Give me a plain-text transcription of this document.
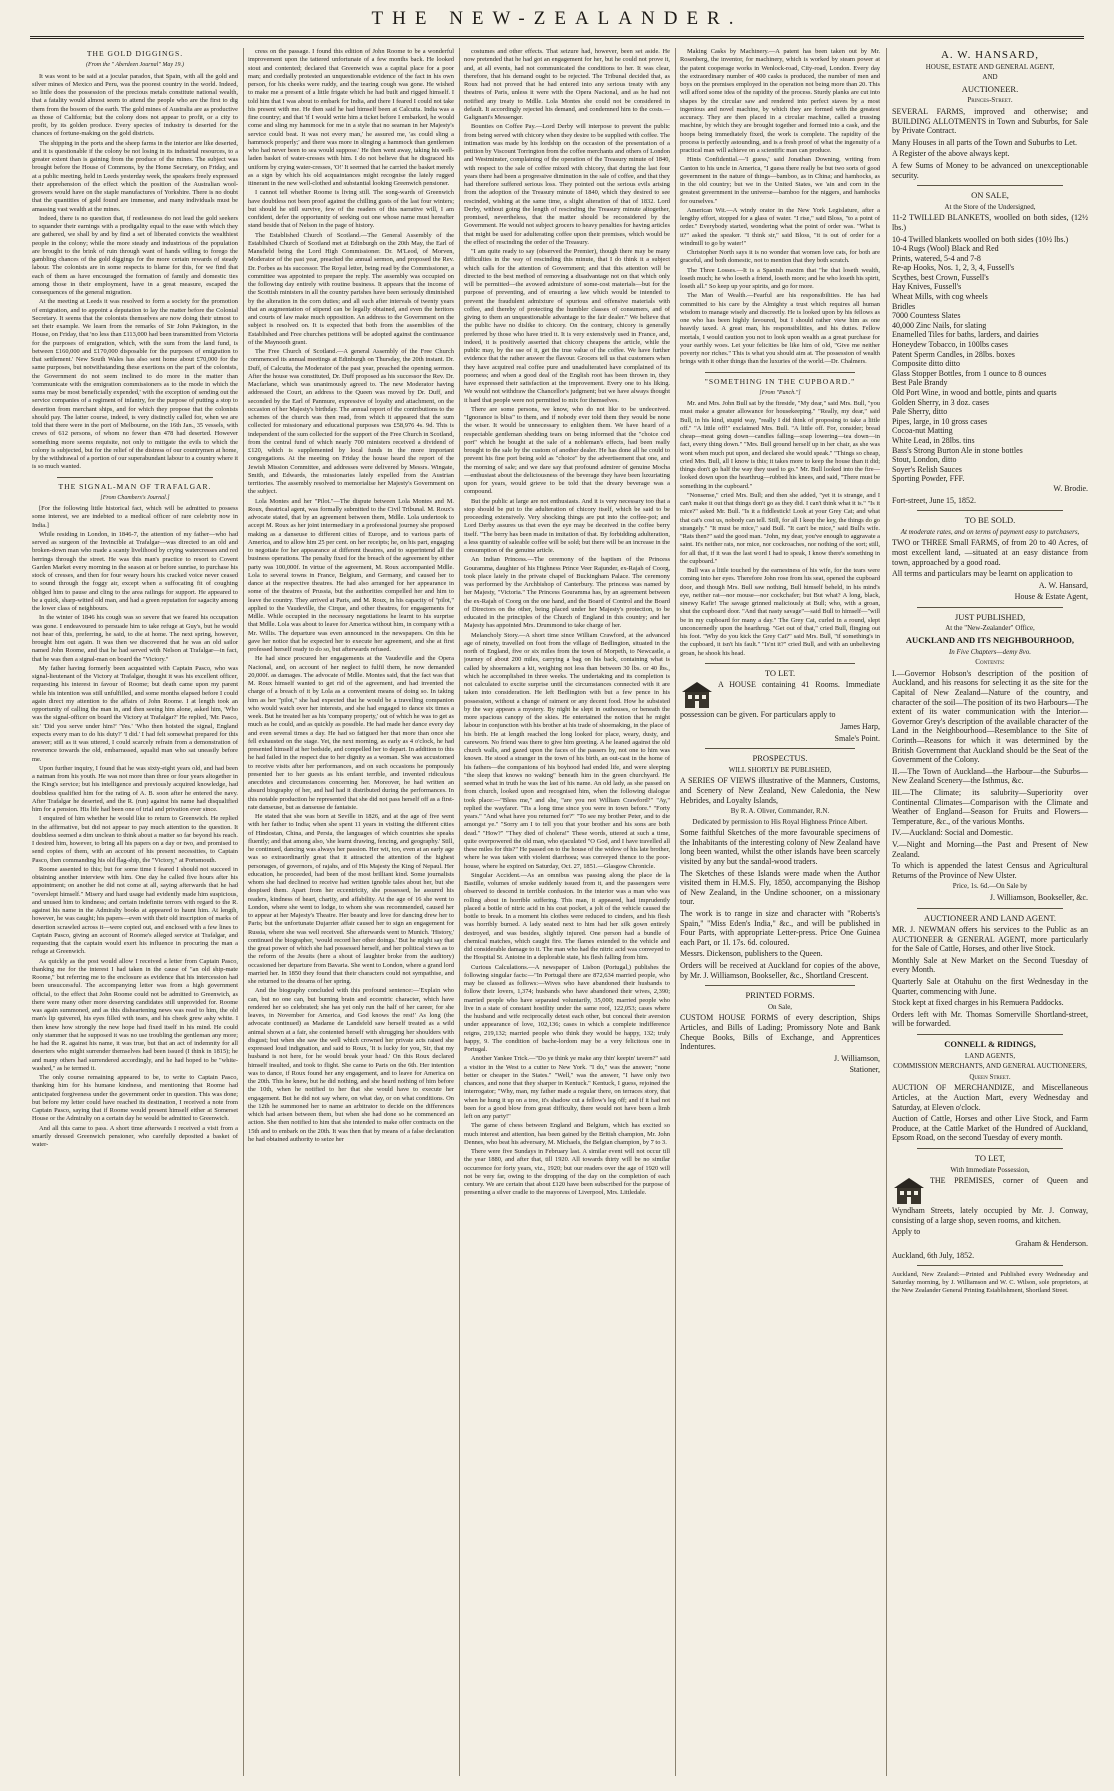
THE NEW-ZEALANDER.
THE GOLD DIGGINGS.
(From the " Aberdeen Journal" May 19.)

It was wont to be said at a jocular paradox, that Spain, with all the gold and silver mines of Mexico and Peru, was the poorest country in the world. Indeed, so little does the possession of the precious metals constitute national wealth, that a fatality would almost seem to attend the people who are the first to dig them from the bosom of the earth. The gold mines of Australia are as productive as those of California; but the colony does not appear to profit, or a city to profit, by its golden produce. Every species of industry is deserted for the chances of fortune-making on the gold districts.

The shipping in the ports and the sheep farms in the interior are like deserted, and it is questionable if the colony be not losing in its industrial resources, to a greater extent than is gaining from the produce of the mines. The subject was brought before the House of Commons, by the Home Secretary, on Friday, and at a public meeting, held in Leeds yesterday week, the speakers freely expressed their apprehension of the effect which the position of the Australian wool-growers would have on the staple manufactures of Yorkshire. There is no doubt that the quantities of gold found are immense, and many individuals must be amassing vast wealth at the mines.

Indeed, there is no question that, if restlessness do not lead the gold seekers to squander their earnings with a prodigality equal to the ease with which they are gathered, we shall by and by find a set of liberated convicts the wealthiest people in the colony; while the more steady and industrious of the population are brought to the brink of ruin through want of hands willing to forego the gambling chances of the gold diggings for the more certain rewards of steady labour. The colonists are in some respects to blame for this, for we find that each of them as have encouraged the formation of family and domestic ties among those in their employment, have in a great measure, escaped the consequences of the general migration.

At the meeting at Leeds it was resolved to form a society for the promotion of emigration, and to appoint a deputation to lay the matter before the Colonial Secretary. It seems that the colonists themselves are now doing their utmost to set their example. We learn from the remarks of Sir John Pakington, in the House, on Friday, that 'no less than £113,000 had been transmitted from Victoria for the purposes of emigration, which, with the sum from the land fund, is between £160,000 and £170,000 disposable for the purposes of emigration to that settlement.' New South Wales has also sent home about £70,000 for the same purposes, but notwithstanding these exertions on the part of the colonists, the Government do not seem inclined to do more in the matter than 'communicate with the emigration commissioners as to the mode in which the sums may be most beneficially expended,' with the exception of sending out the service companies of a regiment of infantry, for the purpose of putting a stop to desertion from merchant ships, and for which they propose that the colonists should pay. The latter course, indeed, is very distinctly called for, when we are told that there were in the port of Melbourne, on the 16th Jan., 35 vessels, with crews of 612 persons, of whom no fewer than 478 had deserted. However something more seems requisite, not only to mitigate the evils to which the colony is subjected, but for the relief of the distress of our countrymen at home, by the withdrawal of a portion of our superabundant labour to a country where it is so much wanted.

THE SIGNAL-MAN OF TRAFALGAR.
[From Chambers's Journal.]

[For the following little historical fact, which will be admitted to possess some interest, we are indebted to a medical officer of rare celebrity now in India.]

While residing in London, in 1846-7, the attention of my father—who had served as surgeon of the Invincible at Trafalgar—was directed to an old and broken-down man who made a scanty livelihood by crying watercresses and red herrings through the street. He was this man's practice to resort to Covent Garden Market every morning in the season at or before sunrise, to purchase his stock of cresses, and then for four weary hours his cracked voice never ceased to sound through the foggy air, except when a suffocating fit of coughing obliged him to pause and cling to the area railings for support. He appeared to be a quick, sharp-witted old man, and had a green reputation for sagacity among the lower class of neighbours.

In the winter of 1846 his cough was so severe that we feared his occupation was gone. I endeavoured to persuade him to take refuge at Guy's, but he would not hear of this, preferring, he said, to die at home. The next spring, however, brought him out again. It was then we discovered that he was an old sailor named John Roome, and that he had served with Nelson at Trafalgar—in fact, that he was then a signal-man on board the "Victory."

My father having formerly been acquainted with Captain Pasco, who was signal-lieutenant of the Victory at Trafalgar, thought it was his excellent officer, requesting his interest in favour of Roome; but death came upon my parent while his intention was still unfulfilled, and some months elapsed before I could again direct my attention to the affairs of John Roome. I at length took an opportunity of calling the man in, and then seeing him alone, asked him, 'Who was the signal-officer on board the Victory at Trafalgar?' He replied, 'Mr. Pasco, sir.' 'Did you serve under him?' 'Yes.' 'Who then hoisted the signal, England expects every man to do his duty?' 'I did.' I had felt somewhat prepared for this answer; still as it was uttered, I could scarcely refrain from a demonstration of reverence towards the old, embarrassed, squalid man who sat uneasily before me.

Upon further inquiry, I found that he was sixty-eight years old, and had been a natman from his youth. He was not more than three or four years altogether in the King's service; but his intelligence and previously acquired knowledge, had doubtless qualified him for the rating of A. B. soon after he entered the navy. After Trafalgar he deserted, and the R. (run) against his name had disqualified him for a pension. His life had been one of trial and privation ever since.

I enquired of him whether he would like to return to Greenwich. He replied in the affirmative, but did not appear to pay much attention to the question. It doubtless seemed a dim unclean to think about a matter so far beyond his reach. I desired him, however, to bring all his papers on a day or two, and promised to send copies of them, with an account of his present necessities, to Captain Pasco, then commanding his old flag-ship, the "Victory," at Portsmouth.

Roome assented to this; but for some time I feared I should not succeed in obtaining another interview with him. One day he called five hours after his appointment; on another he did not come at all, saying afterwards that he had "overslept himself." Misery and hard usage had evidently made him suspicious, and unused him to kindness; and certain indefinite terrors with regard to the R. against his name in the Admiralty books at appeared to haunt him. At length, however, he was caught; his papers—even with their old inscription of marks of desertion scrawled across it—were copied out, and enclosed with a few lines to Captain Pasco, giving an account of Roome's alleged service at Trafalgar, and requesting that the captain would exert his influence in procuring the man a refuge at Greenwich.

As quickly as the post would allow I received a letter from Captain Pasco, thanking me for the interest I had taken in the cause of "an old ship-mate Roome," but referring me to the enclosure as evidence that his intercession had been unsuccessful. The accompanying letter was from a high government official, to the effect that John Roome could not be admitted to Greenwich, as there were many other more deserving candidates still unprovided for. Roome was again summoned, and as this disheartening news was read to him, the old man's lip quivered, his eyes filled with tears, and his cheek grew ashy white. I then knew how strongly the new hope had fixed itself in his mind. He could only stammer that he supposed it was no use troubling the gentleman any more; he had the R. against his name, it was true, but that an act of indemnity for all deserters who might surrender themselves had been issued (I think in 1815); he and many others had surrendered accordingly, and he had hoped to be "white-washed," as he termed it.

The only course remaining appeared to be, to write to Captain Pasco, thanking him for his humane kindness, and mentioning that Roome had anticipated forgiveness under the government order in question. This was done; but before my letter could have reached its destination, I received a note from Captain Pasco, saying that if Roome would present himself either at Somerset House or the Admiralty on a certain day he would be admitted to Greenwich.

And all this came to pass. A short time afterwards I received a visit from a smartly dressed Greenwich pensioner, who carefully deposited a basket of water-

cress on the passage. I found this edition of John Roome to be a wonderful improvement upon the tattered unfortunate of a few months back. He looked stout and contented; declared that Greenwich was a capital place for a poor man; and cordially protested an unquestionable evidence of the fact in his own person, for his cheeks were ruddy, and the tearing cough was gone. He wished to make me a present of a little frigate which he had built and rigged himself. I told him that I was about to embark for India, and there I feared I could not take his present with me. He then said he had himself been at Calcutta. India was a fine country; and that 'if I would write him a ticket before I embarked, he would come and sling my hammock for me in a style that no seaman in her Majesty's service could beat. It was not every man,' he assured me, 'as could sling a hammock properly;' and there was more in slinging a hammock than gentlemen who had never been to sea would suppose.' He then went away, taking his well-laden basket of water-cresses with him. I do not believe that he disgraced his uniform by crying water-cresses, 'O!' It seemed that he carried the basket merely as a sign by which his old acquaintances might recognise the lately rugged itinerant in the new well-clothed and substantial looking Greenwich pensioner.

I cannot tell whether Roome is living still. The song-wards of Greenwich have doubtless not been proof against the chilling gusts of the last four winters; but should he still survive, few of the readers of this narrative will, I am confident, defer the opportunity of seeking out one whose name must hereafter stand beside that of Nelson in the page of history.

The Established Church of Scotland.—The General Assembly of the Established Church of Scotland met at Edinburgh on the 20th May, the Earl of Mansfield being the Lord High Commissioner. Dr. M'Leod, of Morven, Moderator of the past year, preached the annual sermon, and proposed the Rev. Dr. Forbes as his successor. The Royal letter, being read by the Commissioner, a committee was appointed to prepare the reply. The assembly was occupied on the following day entirely with routine business. It appears that the income of the Scottish ministers in all the country parishes have been seriously diminished by the alteration in the corn duties; and all such after intervals of twenty years that an augmentation of stipend can be legally obtained, and even the heritors and courts of law make much opposition. An address to the Government on the subject is resolved on. It is expected that both from the assemblies of the Established and Free churches petitions will be adopted against the continuance of the Maynooth grant.

The Free Church of Scotland.—A general Assembly of the Free Church commenced its annual meetings at Edinburgh on Thursday, the 20th instant. Dr. Duff, of Calcutta, the Moderator of the past year, preached the opening sermon. After the house was constituted, Dr. Duff proposed as his successor the Rev. Dr. Macfarlane, which was unanimously agreed to. The new Moderator having addressed the Court, an address to the Queen was moved by Dr. Duff, and seconded by the Earl of Panmure, expressive of loyalty and attachment, on the occasion of her Majesty's birthday. The annual report of the contributions to the schemes of the church was then read, from which it appeared that the sum collected for missionary and educational purposes was £58,976 4s. 9d. This is independent of the sum collected for the support of the Free Church in Scotland, from the central fund of which nearly 700 ministers received a dividend of £120, which is supplemented by local funds in the more important congregations. At the meeting on Friday the house heard the report of the Jewish Mission Committee, and addresses were delivered by Messrs. Wingate, Smith, and Edwards, the missionaries lately expelled from the Austrian territories. The assembly resolved to memorialise her Majesty's Government on the subject.

Lola Montes and her "Pilot."—The dispute between Lola Montes and M. Roux, theatrical agent, was formally submitted to the Civil Tribunal. M. Roux's advocate stated, that by an agreement between them, Mdlle. Lola undertook to accept M. Roux as her joint intermediary in a professional journey she proposed making as a danseuse to different cities of Europe, and to various parts of America, and to allow him 25 per cent. on her receipts; he, on his part, engaging to negotiate for her appearance at different theatres, and to superintend all the business operations. The penalty fixed for the breach of the agreement by either party was 100,000f. In virtue of the agreement, M. Roux accompanied Mdlle. Lola to several towns in France, Belgium, and Germany, and caused her to dance at the respective theatres. He had also arranged for her appearance in some of the theatres of Prussia, but the authorities compelled her and him to leave the country. They arrived at Paris, and M. Roux, in his capacity of "pilot," applied to the Vaudeville, the Cirque, and other theatres, for engagements for Mdlle. While occupied in the necessary negotiations he learnt to his surprise that Mdlle. Lola was about to leave for America without him, in company with a Mr. Willis. The departure was even announced in the newspapers. On this he gave her notice that he expected her to execute her agreement, and she at first professed herself ready to do so, but afterwards refused.

He had since procured her engagements at the Vaudeville and the Opera Nacional, and, on account of her neglect to fulfil them, he now demanded 20,000f. as damages. The advocate of Mdlle. Montes said, that the fact was that M. Roux himself wanted to get rid of the agreement, and had invented the charge of a breach of it by Lola as a convenient means of doing so. In taking him as her "pilot," she had expected that he would be a travelling companion who would watch over her interests, and she had engaged to dance six times a week. But he treated her as his 'company property,' out of which he was to get as much as he could, and as quickly as possible. He had made her dance every day and even several times a day. He had so fatigued her that more than once she fell exhausted on the stage. Yet, the next morning, as early as 4 o'clock, he had presented himself at her bedside, and compelled her to depart. In addition to this he had failed in the respect due to her dignity as a woman. She was accustomed to receive visits after her performances, and on such occasions he pompously presented her to her guests as his enfant terrible, and invented ridiculous anecdotes and circumstances concerning her. Moreover, he had written an absurd biography of her, and had had it distributed during the performances. In this notable production he represented that she did not pass herself off as a first-rate danseuse, but as danseuse de fantaisie.

He stated that she was born at Seville in 1826, and at the age of five went with her father to India; when she spent 11 years in visiting the different cities of Hindostan, China, and Persia, the languages of which countries she speaks fluently; and that among also, 'she learnt drawing, fencing, and geography.' Still, he continued, dancing was always her passion. Her wit, too, even at an early age was so extraordinarily great that it attracted the attention of the highest personages, of governors, of rajahs, and of His Majesty the King of Nepaul. Her education, he proceeded, had been of the most brilliant kind. Some journalists whom she had declined to receive had written ignoble tales about her, but she despised them. Apart from her eccentricity, she possessed, he assured his readers, kindness of heart, charity, and affability. At the age of 16 she went to London, where she went to lodge, to whom she was recommended, caused her to appear at her Majesty's Theatre. Her beauty and love for dancing drew her to Paris; but the unfortunate Dujarrier affair caused her to sign an engagement for Russia, where she was well received. She afterwards went to Munich. 'History,' continued the biographer, 'would record her other doings.' But he might say that the great power of which she had possessed herself, and her political views as to the reform of the Jesuits (here a shout of laughter broke from the auditory) occasioned her departure from Bavaria. She went to London, where a grand lord married her. In 1850 they found that their characters could not sympathise, and she returned to the dreams of her spring.

And the biography concluded with this profound sentence:—'Explain who can, but no one can, but burning brain and eccentric character, which have rendered her so celebrated; she has yet only run the half of her career, for she leaves, in November for America, and God knows the rest!' As long (the advocate continued) as Madame de Landsfeld saw herself treated as a wild animal shown at a fair, she contented herself with shrugging her shoulders with disgust; but when she saw the well which crowned her private acts raised she expressed loud indignation, and said to Roux, 'It is lucky for you, Sir, that my husband is not here, for he would break your head.' On this Roux declared himself insulted, and took to flight. She came to Paris on the 6th. Her intention was to dance, if Roux found her any engagement, and to leave for America on the 20th. This he knew, but he did nothing, and she heard nothing of him before the 10th, when he notified to her that she would have to execute her engagement. But he did not say where, on what day, or on what conditions. On the 12th he summoned her to name an arbitrator to decide on the differences which had arisen between them, but when she had done so he commenced an action. She then notified to him that she intended to make offer contracts on the 15th and to embark on the 20th. It was then that by means of a false declaration he had obtained authority to seize her

costumes and other effects. That seizure had, however, been set aside. He now pretended that he had got an engagement for her, but he could not prove it, and, at all events, had not communicated the conditions to her. It was clear, therefore, that his demand ought to be rejected. The Tribunal decided that, as Roux had not proved that he had entered into any serious treaty with any theatres of Paris, unless it were with the Opera Nacional, and as he had not notified any treaty to Mdlle. Lola Montes she could not be considered in default. It accordingly rejected his demand, and condemned him to the costs.—Galignani's Messenger.

Bounties on Coffee Pay.—Lord Derby will interpose to prevent the public from being served with chicory when they desire to be supplied with coffee. The intimation was made by his lordship on the occasion of the presentation of a petition by Viscount Torrington from the coffee merchants and others of London and Westminster, complaining of the operation of the Treasury minute of 1840, with respect to the sale of coffee mixed with chicory, that during the last four years there had been a progressive diminution in the sale of coffee, and that they had therefore suffered serious loss. They pointed out the serious evils arising from the adoption of the Treasury minute of 1840, which they desired to see rescinded, wishing at the same time, a slight alteration of that of 1832. Lord Derby, without going the length of rescinding the Treasury minute altogether, promised, nevertheless, that the matter should be reconsidered by the Government. He would not subject grocers to heavy penalties for having articles that might be used for adulterating coffee upon their premises, which would be the effect of rescinding the order of the Treasury.

"I am quite ready to say (observed the Premier), though there may be many difficulties in the way of rescinding this minute, that I do think it a subject which calls for the attention of Government; and that this attention will be directed to the best method of removing a disadvantage not on that which only will be permitted—the avowed admixture of some-cost materials—but for the purpose of preventing, and of ensuring a law which would be intended to prevent the fraudulent admixture of spurious and offensive materials with coffee, and thereby of protecting the humbler classes of consumers, and of giving to them an unquestionable advantage to the fair dealer." We believe that the public have no dislike to chicory. On the contrary, chicory is generally preferred by those who have tried it. It is very extensively used in France, and, indeed, it is positively asserted that chicory cheapens the article, while the public may, by the use of it, get the true value of the coffee. We have further evidence that the rather answer the flavour. Grocers tell us that customers when they have acquired real coffee pure and unadulterated have complained of its poorness; and when a good deal of the English root has been thrown in, they have expressed their satisfaction at the improvement. Every one to his liking. We would not withdraw the Chancellor's judgment; but we have always thought it hard that people were not permitted to mix for themselves.

There are some persons, we know, who do not like to be undeceived. "Ignorance is bliss" to them, and if nobody ever told them they would be none the wiser. It would be unnecessary to enlighten them. We have heard of a respectable gentleman shedding tears on being informed that the "choice cod port" which he bought at the sale of a nobleman's effects, had been really brought to the sale by the custom of another dealer. He has done all he could to prevent his fine port being sold as "choice" by the advertisement that one, and the morning of sale; and we dare say that profound admirer of genuine Mocha—enthusiast about the deliciousness of the beverage they have been luxuriating upon for years, would grieve to be told that the dreary beverage was a compound.

But the public at large are not enthusiasts. And it is very necessary too that a stop should be put to the adulteration of chicory itself, which be said to be proceeding extensively. Very shocking things are put into the coffee-pot; and Lord Derby assures us that even the eye may be deceived in the coffee berry itself. "The berry has been made in imitation of that. By forbidding adulteration, a less quantity of saleable coffee will be sold; but there will be an increase in the consumption of the genuine article.

An Indian Princess.—The ceremony of the baptism of the Princess Gouramma, daughter of his Highness Prince Veer Rajunder, ex-Rajah of Coorg, took place lately in the private chapel of Buckingham Palace. The ceremony was performed by the Archbishop of Canterbury. The princess was named by her Majesty, "Victoria." The Princess Gouramma has, by an agreement between the ex-Rajah of Coorg on the one hand, and the Board of Control and the Board of Directors on the other, being placed under her Majesty's protection, to be educated in the principles of the Church of England in this country; and her Majesty has appointed Mrs. Drummond to take charge of her.

Melancholy Story.—A short time since William Crawford, at the advanced age of ninety, travelled on foot from the village of Bedlington, situated in the north of England, five or six miles from the town of Morpeth, to Newcastle, a journey of about 200 miles, carrying a bag on his back, containing what is called by shoemakers a kit, weighing not less than between 30 lbs. or 40 lbs., which he accomplished in three weeks. The undertaking and its completion is not calculated to excite surprise until the circumstances connected with it are taken into consideration. He left Bedlington with but a few pence in his possession, without a change of raiment or any decent food. How he subsisted by the way appears a mystery. By night he slept in outhouses, or beneath the more spacious canopy of the skies. He entertained the notion that he might labour in conjunction with his brother at his trade of shoemaking, in the place of his birth. He at length reached the long looked for place, weary, dusty, and careworn. No friend was there to give him greeting. A he leaned against the old church walls, and gazed upon the faces of the passers by, not one to him was known. He stood a stranger in the town of his birth, an out-cast in the home of his fathers—the companions of his boyhood had ended life, and were sleeping "the sleep that knows no waking" beneath him in the green churchyard. He seemed what in truth he was the last of his name. An old lady, as she passed on from church, looked upon and recognised him, when the following dialogue took place:—"Bless me," and she, "are you not William Crawford?" "Ay," replied the wayfarer. "Tis a long time since you were in town before." "Forty years." "And what have you returned for?" "To see my brother Peter, and to die amongst ye." "Sorry am I to tell you that your brother and his sons are both dead." "How?" "They died of cholera!" These words, uttered at such a time, quite overpowered the old man, who ejaculated "O God, and I have travelled all these miles for this?" He passed on to the house of the widow of his late brother, where he was taken with violent diarrhoea; was conveyed thence to the poor-house, where he expired on Saturday, Oct. 27, 1851.—Glasgow Chronicle.

Singular Accident.—As an omnibus was passing along the place de la Bastille, volumes of smoke suddenly issued from it, and the passengers were observed to descend in terrible confusion. In the interior was a man who was rolling about in horrible suffering. This man, it appeared, had imprudently placed a bottle of nitric acid in his coat pocket, a jolt of the vehicle caused the bottle to break. In a moment his clothes were reduced to cinders, and his flesh was horribly burned. A lady seated next to him had her silk gown entirely destroyed, and was besides, slightly injured. One person had a bundle of chemical matches, which caught fire. The flames extended to the vehicle and did considerable damage to it. The man who had the nitric acid was conveyed to the Hospital St. Antoine in a deplorable state, his flesh falling from him.

Curious Calculations.—A newspaper of Lisbon (Portugal,) publishes the following singular facts:—"In Portugal there are 872,634 married people, who may be classed as follows:—Wives who have abandoned their husbands to follow their lovers, 1,374; husbands who have abandoned their wives, 2,390; married people who have separated voluntarily, 35,000; married people who live in a state of constant hostility under the same roof, 122,053; cases where the husband and wife reciprocally detest each other, but conceal their aversion under appearance of love, 102,136; cases in which a complete indifference reigns, 219,132; married people who think they would be happy, 132; truly happy, 9. The condition of bache-lordom may be a very felicitous one in Portugal.

Another Yankee Trick.—"Do ye think ye make any thin' keepin' tavern?" said a visitor in the West to a cutter to New York. "I do," was the answer; "none better or cheaper in the States." "Well," was the answer, "I have only two chances, and none that they sharper in Kentuck." Kentuck, I guess, rejoined the interrogator; "Why, man, my father made a regular there, on terraces story, that when he hung it up on a tree, it's shadow cut a fellow's leg off; and if it had not been for a good blow from great difficulty, there would not have been a limb left on any party!"

The game of chess between England and Belgium, which has excited so much interest and attention, has been gained by the British champion, Mr. John Dennes, who beat his adversary, M. Michaels, the Belgian champion, by 7 to 3.

There were five Sundays in February last. A similar event will not occur till the year 1880, and after that, till 1920. All towards thirty will be no similar occurrence for forty years, viz., 1920; but our readers over the age of 1920 will not be very far, owing to the dropping of the day on the completion of each century. We are certain that about £120 have been subscribed for the purpose of presenting a silver cradle to the mayoress of Liverpool, Mrs. Littledale.

Making Casks by Machinery.—A patent has been taken out by Mr. Rosenberg, the inventor, for machinery, which is worked by steam power at the patent cooperage works in Wenlock-road, City-road, London. Every day the extraordinary number of 400 casks is produced, the number of men and boys on the premises employed in the operation not being more than 20. This will afford some idea of the rapidity of the process. Sturdy planks are cut into shapes by the circular saw and rendered into perfect staves by a most ingenious and novel machine, by which they are formed with the greatest accuracy. They are then placed in a circular machine, called a trussing machine, by which they are brought together and formed into a cask, and the hoops being immediately fixed, the work is complete. The rapidity of the process is perfectly astounding, and is a fresh proof of what the ingenuity of a practical man will achieve on a scientific man can produce.

Hints Confidential.—'I guess,' said Jonathan Downing, writing from Canton to his uncle in America, "I guess there really be but two sorts of good government in the nature of things—bamboo, as in China; and hamhocks, as in the old country; but we in the United States, we 'ain and corn in the greatest government in the universe—bamboo for the niggers, and hamhocks for ourselves."

American Wit.—A windy orator in the New York Legislature, after a lengthy effort, stopped for a glass of water. "I rise," said Bloss, "to a point of order." Everybody started, wondering what the point of order was. "What is it?" asked the speaker. "I think sir," said Bloss, "it is out of order for a windmill to go by water!"

Christopher North says it is no wonder that women love cats, for both are graceful, and both domestic, not to mention that they both scratch.

The Three Losses.—It is a Spanish maxim that "he that loseth wealth, loseth much; he who loseth a friend, loseth more; and he who loseth his spirit, loseth all." So keep up your spirits, and go for more.

The Man of Wealth.—Fearful are his responsibilities. He has had committed to his care by the Almighty a trust which requires all human wisdom to manage wisely and discreetly. He is looked upon by his fellows as one who has been highly favoured, but I should rather view him as one heavily taxed. A great man, his responsibilities, and his duties. Fellow mortals, I would caution you not to look upon wealth as a great purchase for your earthly woes. Let your felicities be like him of old, "Give me neither poverty nor riches." This is what you should aim at. The possession of wealth brings with it other things than the luxuries of the world.—Dr. Chalmers.

"SOMETHING IN THE CUPBOARD."
[From "Punch."]

Mr. and Mrs. John Bull sat by the fireside, "My dear," said Mrs. Bull, "you must make a greater allowance for housekeeping." "Really, my dear," said Bull, in his kind, stupid way, "really I did think of proposing to take a little off." "A little off!" exclaimed Mrs. Bull. "A little off. For, consider; bread cheap—meat going down—candles falling—soap lowering—tea down—in fact, every thing down." "Mrs. Bull ground herself up in her chair, as she was wont when much put upon, and declared she would speak." "Things so cheap, cried Mrs. Bull, all I know is this; it takes more to keep the house than it did; things don't go half the way they used to go." Mr. Bull looked into the fire—looked down upon the hearthrug—rubbed his knees, and said, "There must be something in the cupboard."

"Nonsense," cried Mrs. Bull; and then she added, "yet it is strange, and I can't make it out that things don't go as they did. I can't think what it is." "Is it mice?" asked Mr. Bull. "Is it a fiddlestick! Look at your Grey Cat; and what that cat's cost us, nobody can tell. Still, for all I keep the key, the things do go strangely." "It must be mice," said Bull. "It can't be mice," said Bull's wife. "Rats then?" said the good man. "John, my dear, you've enough to aggravate a saint. It's neither rats, nor mice, nor cockroaches, nor nothing of the sort; still, for all that, if it was the last word I had to speak, I know there's something in the cupboard."

Bull was a little touched by the earnestness of his wife, for the tears were coming into her eyes. Therefore John rose from his seat, opened the cupboard door, and though Mrs. Bull saw nothing, Bull himself beheld, in his mind's eye, neither rat—nor mouse—nor cockchafer; but But what? A long, black, sinewy Kafir! The savage grinned maliciously at Bull; who, with a groan, shut the cupboard door. "And that nasty savage"—said Bull to himself—"will be in my cupboard for many a day." The Grey Cat, curled in a round, slept unconcernedly upon the hearthrug. "Get out of that," cried Bull, flinging out his foot. "Why do you kick the Grey Cat?" said Mrs. Bull, "if something's in the cupboard, it isn't his fault." "Is'nt it?" cried Bull, and with an unbelieving groan, he shook his head.

TO LET.

A HOUSE containing 41 Rooms. Immediate possession can be given. For particulars apply to

James Harp,

Smale's Point.

PROSPECTUS.
WILL SHORTLY BE PUBLISHED,

A SERIES OF VIEWS illustrative of the Manners, Customs, and Scenery of New Zealand, New Caledonia, the New Hebrides, and Loyalty Islands,

By R. A. Oliver, Commander, R.N.
Dedicated by permission to His Royal Highness Prince Albert.

Some faithful Sketches of the more favourable specimens of the Inhabitants of the interesting colony of New Zealand have long been wanted, whilst the other islands have been scarcely visited by any but the sandal-wood traders.

The Sketches of these Islands were made when the Author visited them in H.M.S. Fly, 1850, accompanying the Bishop of New Zealand, in the Undine schooner, on a missionary tour.

The work is to range in size and character with "Roberts's Spain," "Miss Eden's India," &c., and will be published in Four Parts, with appropriate Letter-press. Price One Guinea each Part, or 1l. 17s. 6d. coloured.

Messrs. Dickenson, publishers to the Queen.

Orders will be received at Auckland for copies of the above, by Mr. J. Williamson, Bookseller, &c., Shortland Crescent.

PRINTED FORMS.
On Sale,

CUSTOM HOUSE FORMS of every description, Ships Articles, and Bills of Lading; Promissory Note and Bank Cheque Books, Bills of Exchange, and Apprentices Indentures.

J. Williamson,

Stationer,

A. W. HANSARD,
HOUSE, ESTATE AND GENERAL AGENT,
AND
AUCTIONEER.
Princes-Street.

SEVERAL FARMS, improved and otherwise; and BUILDING ALLOTMENTS in Town and Suburbs, for Sale by Private Contract.

Many Houses in all parts of the Town and Suburbs to Let.

A Register of the above always kept.

A few Sums of Money to be advanced on unexceptionable security.

ON SALE,
At the Store of the Undersigned,

11-2 TWILLED BLANKETS, woolled on both sides, (12½ lbs.)

10-4 Twilled blankets woolled on both sides (10½ lbs.)
10-4 Rugs (Wool) Black and Red
Prints, watered, 5-4 and 7-8
Re-ap Hooks, Nos. 1, 2, 3, 4, Fussell's
Scythes, best Crown, Fussell's
Hay Knives, Fussell's
Wheat Mills, with cog wheels
Bridles
7000 Countess Slates
40,000 Zinc Nails, for slating
Enamelled Tiles for baths, larders, and dairies
Honeydew Tobacco, in 100lbs cases
Patent Sperm Candles, in 28lbs. boxes
Composite ditto ditto
Glass Stopper Bottles, from 1 ounce to 8 ounces
Best Pale Brandy
Old Port Wine, in wood and bottle, pints and quarts
Golden Sherry, in 3 doz. cases
Pale Sherry, ditto
Pipes, large, in 10 gross cases
Cocoa-nut Matting
White Lead, in 28lbs. tins
Bass's Strong Burton Ale in stone bottles
Stout, London, ditto
Soyer's Relish Sauces
Sporting Powder, FFF.

W. Brodie.

Fort-street, June 15, 1852.

TO BE SOLD.
At moderate rates, and on terms of payment easy to purchasers,

TWO or THREE Small FARMS, of from 20 to 40 Acres, of most excellent land, —situated at an easy distance from town, approached by a good road.

All terms and particulars may be learnt on application to

A. W. Hansard,

House & Estate Agent,

JUST PUBLISHED,
At the "New-Zealander" Office,
AUCKLAND AND ITS NEIGHBOURHOOD,
In Five Chapters—demy 8vo.
Contents:

I.—Governor Hobson's description of the position of Auckland, and his reasons for selecting it as the site for the Capital of New Zealand—Nature of the country, and character of the soil—The position of its two Harbours—The extent of its water communication with the Interior—Governor Grey's description of the available character of the Land in the Neighbourhood—Resemblance to the Site of Corinth—Reasons for which it was determined by the British Government that Auckland should be the Seat of the Government of the Colony.

II.—The Town of Auckland—the Harbour—the Suburbs—New Zealand Scenery—the Isthmus, &c.

III.—The Climate; its salubrity—Superiority over Continental Climates—Comparison with the Climate and Weather of England—Season for Fruits and Flowers—Temperature, &c., of the various Months.

IV.—Auckland: Social and Domestic.

V.—Night and Morning—the Past and Present of New Zealand.

To which is appended the latest Census and Agricultural Returns of the Province of New Ulster.

Price, 1s. 6d.—On Sale by

J. Williamson, Bookseller, &c.

AUCTIONEER AND LAND AGENT.

MR. J. NEWMAN offers his services to the Public as an AUCTIONEER & GENERAL AGENT, more particularly for the Sale of Cattle, Horses, and other live Stock.

Monthly Sale at New Market on the Second Tuesday of every Month.

Quarterly Sale at Otahuhu on the first Wednesday in the Quarter, commencing with June.

Stock kept at fixed charges in his Remuera Paddocks.

Orders left with Mr. Thomas Somerville Shortland-street, will be forwarded.

CONNELL & RIDINGS,
LAND AGENTS,
COMMISSION MERCHANTS, AND GENERAL AUCTIONEERS,
Queen Street.

AUCTION OF MERCHANDIZE, and Miscellaneous Articles, at the Auction Mart, every Wednesday and Saturday, at Eleven o'clock.

Auction of Cattle, Horses and other Live Stock, and Farm Produce, at the Cattle Market of the Hundred of Auckland, Epsom Road, on the second Tuesday of every month.

TO LET,
With Immediate Possession,

THE PREMISES, corner of Queen and Wyndham Streets, lately occupied by Mr. J. Conway, consisting of a large shop, seven rooms, and kitchen.

Apply to

Graham & Henderson.

Auckland, 6th July, 1852.

Auckland, New Zealand:—Printed and Published every Wednesday and Saturday morning, by J. Williamson and W. C. Wilson, sole proprietors, at the New Zealander General Printing Establishment, Shortland Street.
